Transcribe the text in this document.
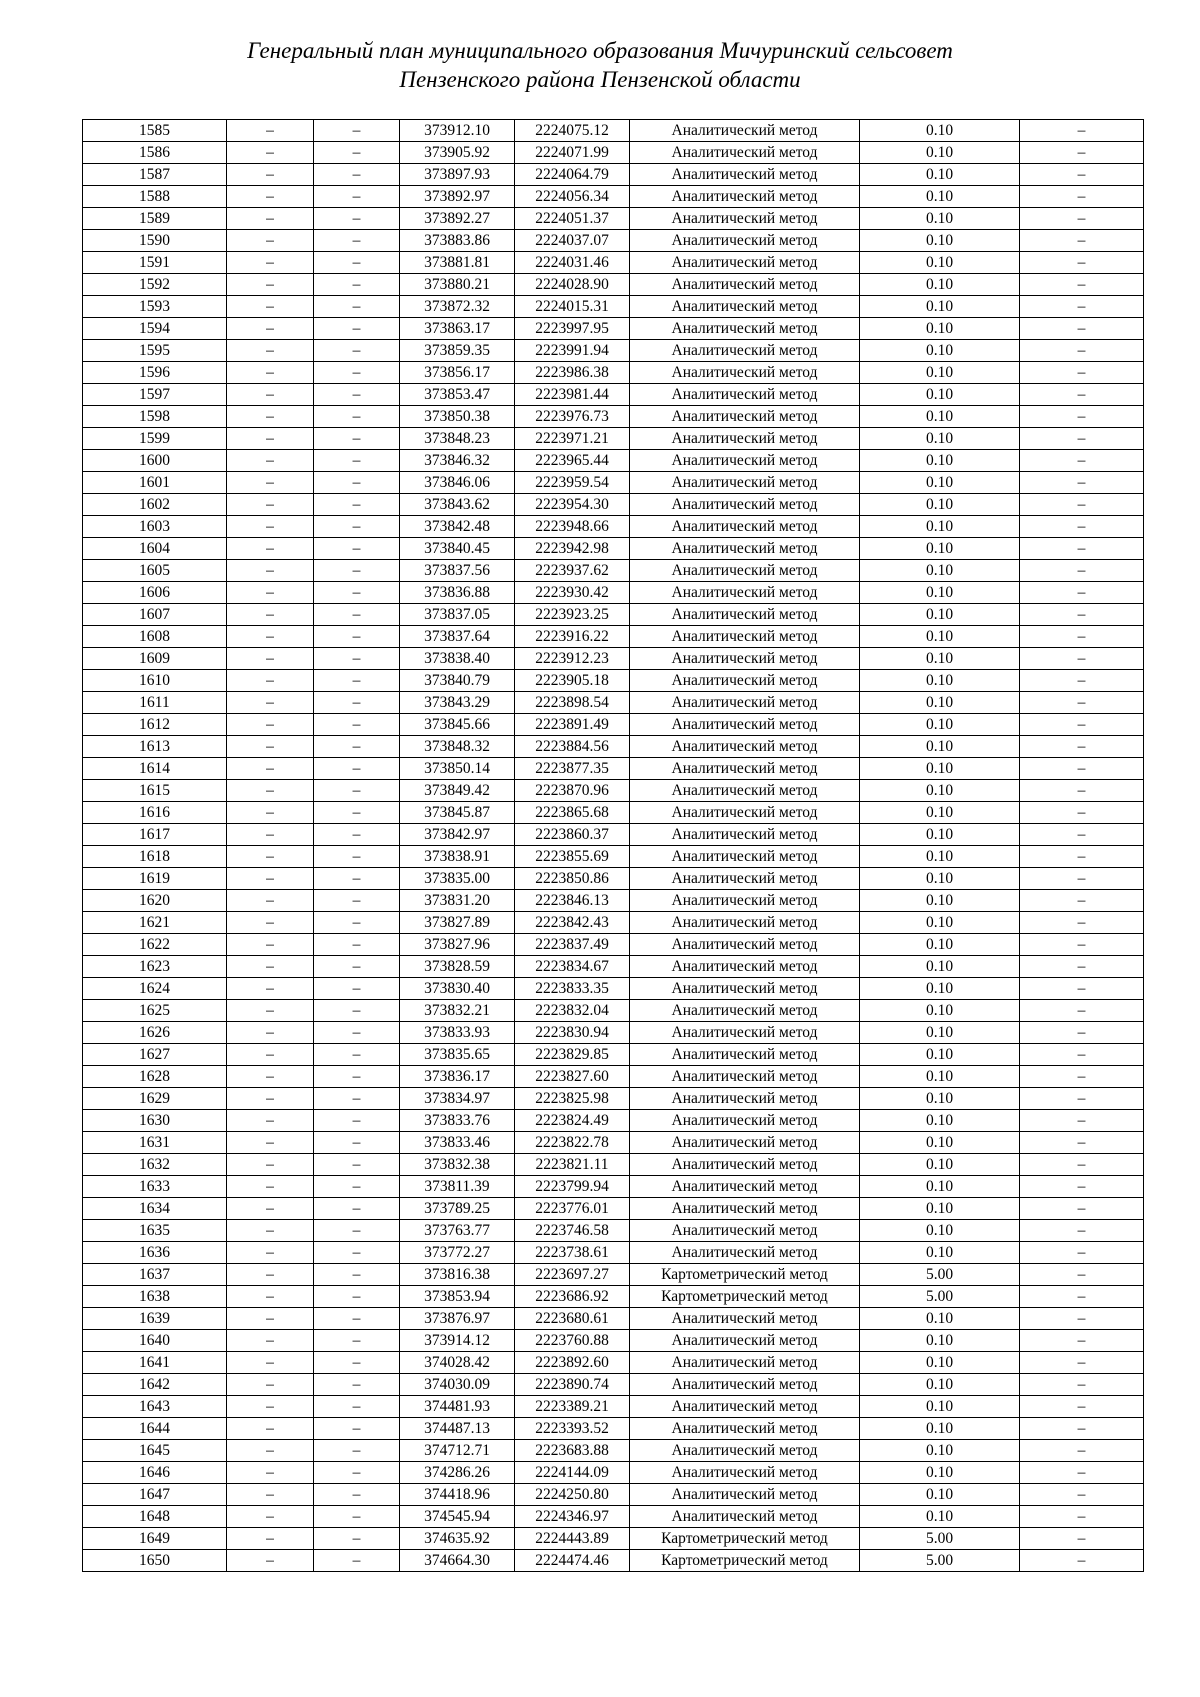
Генеральный план муниципального образования Мичуринский сельсовет
Пензенского района Пензенской области
1585	–	–	373912.10	2224075.12	Аналитический метод	0.10	–
1586	–	–	373905.92	2224071.99	Аналитический метод	0.10	–
1587	–	–	373897.93	2224064.79	Аналитический метод	0.10	–
1588	–	–	373892.97	2224056.34	Аналитический метод	0.10	–
1589	–	–	373892.27	2224051.37	Аналитический метод	0.10	–
1590	–	–	373883.86	2224037.07	Аналитический метод	0.10	–
1591	–	–	373881.81	2224031.46	Аналитический метод	0.10	–
1592	–	–	373880.21	2224028.90	Аналитический метод	0.10	–
1593	–	–	373872.32	2224015.31	Аналитический метод	0.10	–
1594	–	–	373863.17	2223997.95	Аналитический метод	0.10	–
1595	–	–	373859.35	2223991.94	Аналитический метод	0.10	–
1596	–	–	373856.17	2223986.38	Аналитический метод	0.10	–
1597	–	–	373853.47	2223981.44	Аналитический метод	0.10	–
1598	–	–	373850.38	2223976.73	Аналитический метод	0.10	–
1599	–	–	373848.23	2223971.21	Аналитический метод	0.10	–
1600	–	–	373846.32	2223965.44	Аналитический метод	0.10	–
1601	–	–	373846.06	2223959.54	Аналитический метод	0.10	–
1602	–	–	373843.62	2223954.30	Аналитический метод	0.10	–
1603	–	–	373842.48	2223948.66	Аналитический метод	0.10	–
1604	–	–	373840.45	2223942.98	Аналитический метод	0.10	–
1605	–	–	373837.56	2223937.62	Аналитический метод	0.10	–
1606	–	–	373836.88	2223930.42	Аналитический метод	0.10	–
1607	–	–	373837.05	2223923.25	Аналитический метод	0.10	–
1608	–	–	373837.64	2223916.22	Аналитический метод	0.10	–
1609	–	–	373838.40	2223912.23	Аналитический метод	0.10	–
1610	–	–	373840.79	2223905.18	Аналитический метод	0.10	–
1611	–	–	373843.29	2223898.54	Аналитический метод	0.10	–
1612	–	–	373845.66	2223891.49	Аналитический метод	0.10	–
1613	–	–	373848.32	2223884.56	Аналитический метод	0.10	–
1614	–	–	373850.14	2223877.35	Аналитический метод	0.10	–
1615	–	–	373849.42	2223870.96	Аналитический метод	0.10	–
1616	–	–	373845.87	2223865.68	Аналитический метод	0.10	–
1617	–	–	373842.97	2223860.37	Аналитический метод	0.10	–
1618	–	–	373838.91	2223855.69	Аналитический метод	0.10	–
1619	–	–	373835.00	2223850.86	Аналитический метод	0.10	–
1620	–	–	373831.20	2223846.13	Аналитический метод	0.10	–
1621	–	–	373827.89	2223842.43	Аналитический метод	0.10	–
1622	–	–	373827.96	2223837.49	Аналитический метод	0.10	–
1623	–	–	373828.59	2223834.67	Аналитический метод	0.10	–
1624	–	–	373830.40	2223833.35	Аналитический метод	0.10	–
1625	–	–	373832.21	2223832.04	Аналитический метод	0.10	–
1626	–	–	373833.93	2223830.94	Аналитический метод	0.10	–
1627	–	–	373835.65	2223829.85	Аналитический метод	0.10	–
1628	–	–	373836.17	2223827.60	Аналитический метод	0.10	–
1629	–	–	373834.97	2223825.98	Аналитический метод	0.10	–
1630	–	–	373833.76	2223824.49	Аналитический метод	0.10	–
1631	–	–	373833.46	2223822.78	Аналитический метод	0.10	–
1632	–	–	373832.38	2223821.11	Аналитический метод	0.10	–
1633	–	–	373811.39	2223799.94	Аналитический метод	0.10	–
1634	–	–	373789.25	2223776.01	Аналитический метод	0.10	–
1635	–	–	373763.77	2223746.58	Аналитический метод	0.10	–
1636	–	–	373772.27	2223738.61	Аналитический метод	0.10	–
1637	–	–	373816.38	2223697.27	Картометрический метод	5.00	–
1638	–	–	373853.94	2223686.92	Картометрический метод	5.00	–
1639	–	–	373876.97	2223680.61	Аналитический метод	0.10	–
1640	–	–	373914.12	2223760.88	Аналитический метод	0.10	–
1641	–	–	374028.42	2223892.60	Аналитический метод	0.10	–
1642	–	–	374030.09	2223890.74	Аналитический метод	0.10	–
1643	–	–	374481.93	2223389.21	Аналитический метод	0.10	–
1644	–	–	374487.13	2223393.52	Аналитический метод	0.10	–
1645	–	–	374712.71	2223683.88	Аналитический метод	0.10	–
1646	–	–	374286.26	2224144.09	Аналитический метод	0.10	–
1647	–	–	374418.96	2224250.80	Аналитический метод	0.10	–
1648	–	–	374545.94	2224346.97	Аналитический метод	0.10	–
1649	–	–	374635.92	2224443.89	Картометрический метод	5.00	–
1650	–	–	374664.30	2224474.46	Картометрический метод	5.00	–
